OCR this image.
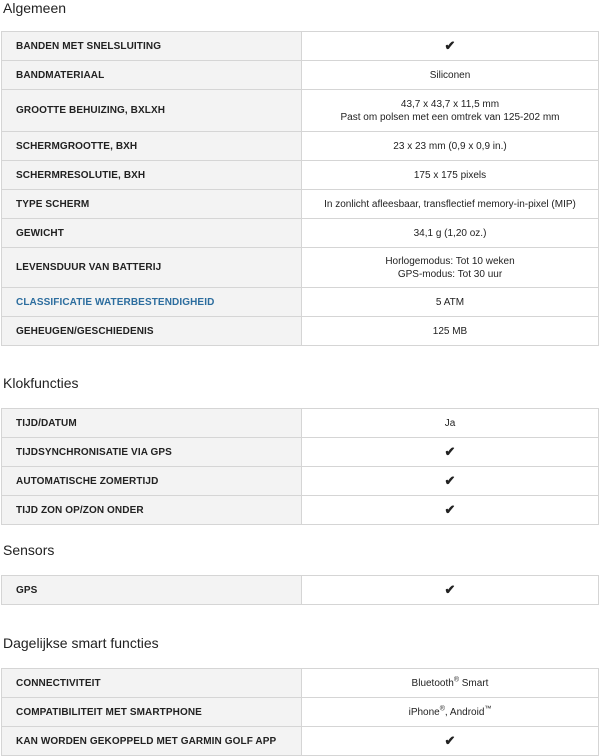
Algemeen
BANDEN MET SNELSLUITING	✔
BANDMATERIAAL	Siliconen
GROOTTE BEHUIZING, BXLXH	43,7 x 43,7 x 11,5 mm
Past om polsen met een omtrek van 125-202 mm

SCHERMGROOTTE, BXH	23 x 23 mm (0,9 x 0,9 in.)
SCHERMRESOLUTIE, BXH	175 x 175 pixels
TYPE SCHERM	In zonlicht afleesbaar, transflectief memory-in-pixel (MIP)
GEWICHT	34,1 g (1,20 oz.)
LEVENSDUUR VAN BATTERIJ	Horlogemodus: Tot 10 weken
GPS-modus: Tot 30 uur

CLASSIFICATIE WATERBESTENDIGHEID	5 ATM
GEHEUGEN/GESCHIEDENIS	125 MB
Klokfuncties
TIJD/DATUM	Ja
TIJDSYNCHRONISATIE VIA GPS	✔
AUTOMATISCHE ZOMERTIJD	✔
TIJD ZON OP/ZON ONDER	✔
Sensors
GPS	✔
Dagelijkse smart functies
CONNECTIVITEIT	Bluetooth® Smart
COMPATIBILITEIT MET SMARTPHONE	iPhone®, Android™
KAN WORDEN GEKOPPELD MET GARMIN GOLF APP	✔
